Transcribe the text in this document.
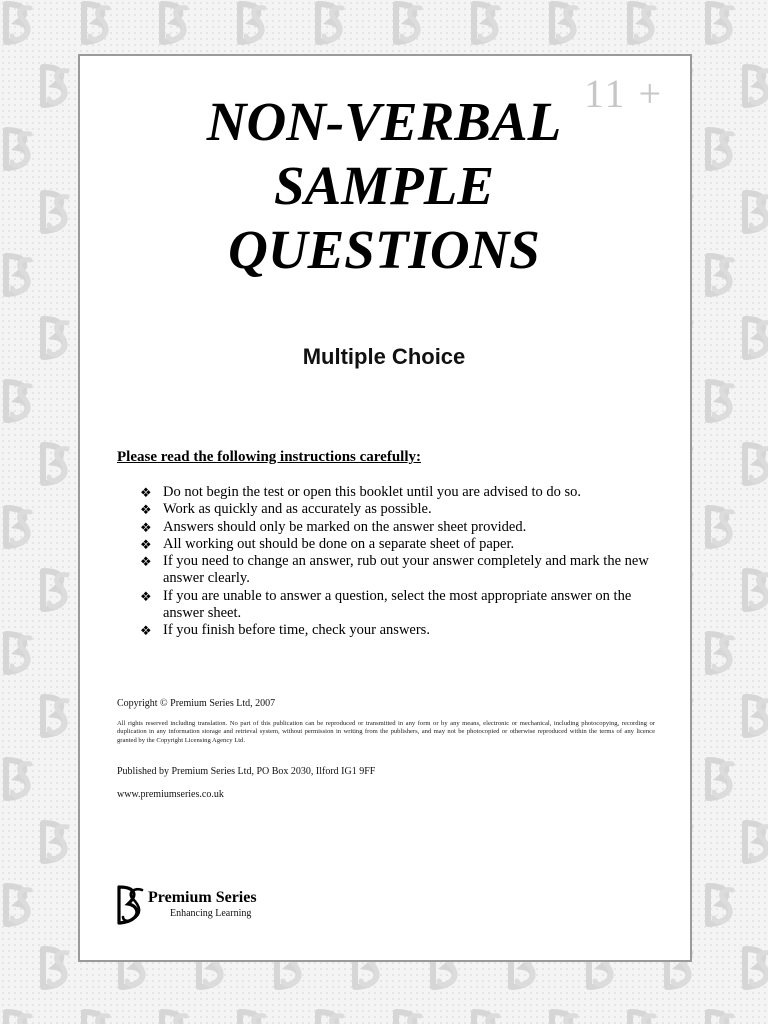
11 +
NON-VERBAL
SAMPLE
QUESTIONS
Multiple Choice
Please read the following instructions carefully:
❖ Do not begin the test or open this booklet until you are advised to do so.
❖ Work as quickly and as accurately as possible.
❖ Answers should only be marked on the answer sheet provided.
❖ All working out should be done on a separate sheet of paper.
❖ If you need to change an answer, rub out your answer completely and mark the new answer clearly.
❖ If you are unable to answer a question, select the most appropriate answer on the answer sheet.
❖ If you finish before time, check your answers.
Copyright © Premium Series Ltd, 2007
All rights reserved including translation. No part of this publication can be reproduced or transmitted in any form or by any means, electronic or mechanical, including photocopying, recording or duplication in any information storage and retrieval system, without permission in writing from the publishers, and may not be photocopied or otherwise reproduced within the terms of any licence granted by the Copyright Licensing Agency Ltd.
Published by Premium Series Ltd, PO Box 2030, Ilford IG1 9FF
www.premiumseries.co.uk
Premium Series
Enhancing Learning
